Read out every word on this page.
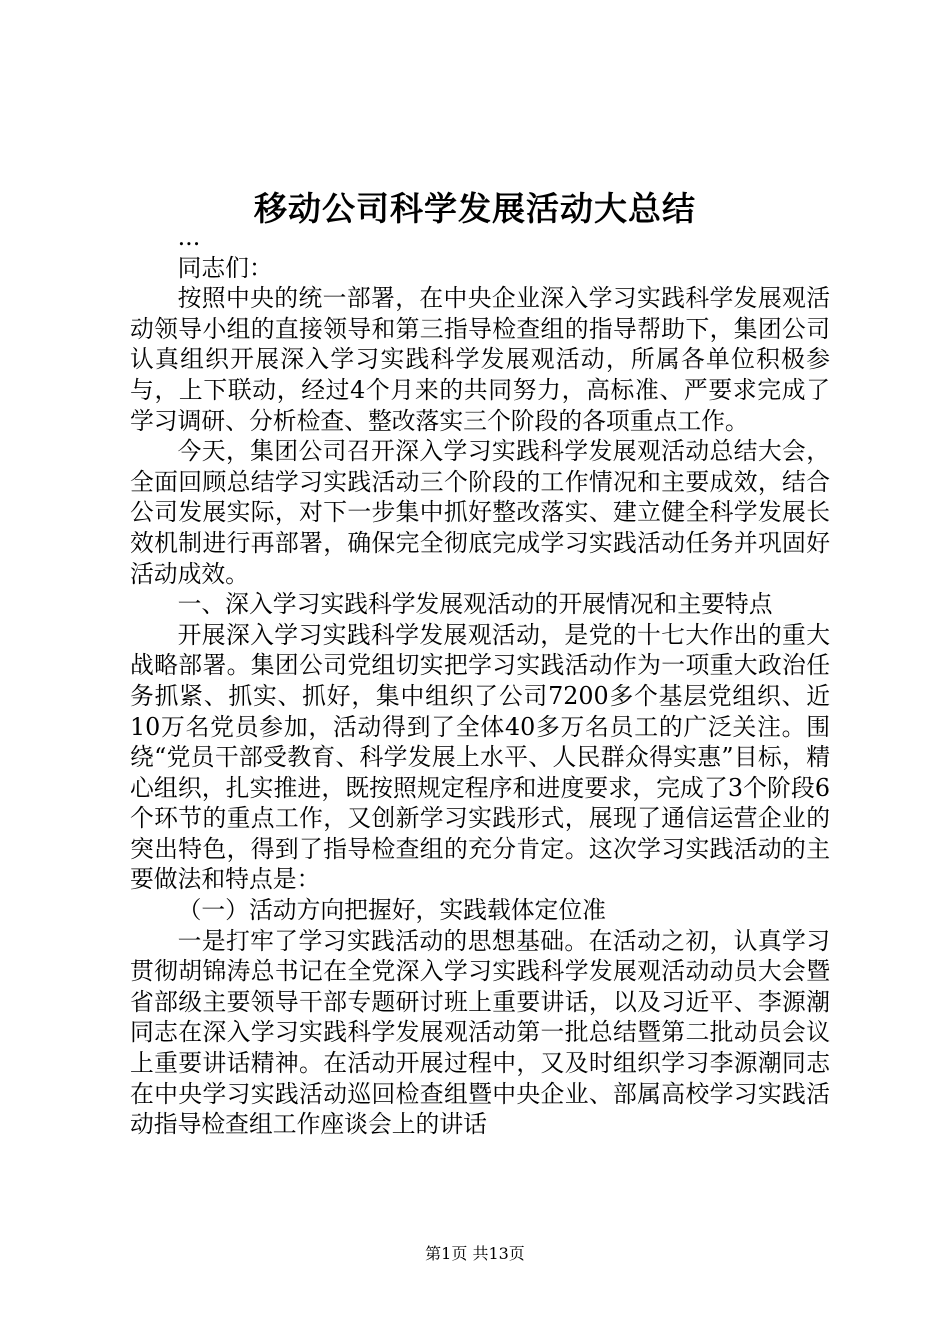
移动公司科学发展活动大总结

...

同志们：

按照中央的统一部署，在中央企业深入学习实践科学发展观活动领导小组的直接领导和第三指导检查组的指导帮助下，集团公司认真组织开展深入学习实践科学发展观活动，所属各单位积极参与，上下联动，经过4个月来的共同努力，高标准、严要求完成了学习调研、分析检查、整改落实三个阶段的各项重点工作。

今天，集团公司召开深入学习实践科学发展观活动总结大会，全面回顾总结学习实践活动三个阶段的工作情况和主要成效，结合公司发展实际，对下一步集中抓好整改落实、建立健全科学发展长效机制进行再部署，确保完全彻底完成学习实践活动任务并巩固好活动成效。

一、深入学习实践科学发展观活动的开展情况和主要特点

开展深入学习实践科学发展观活动，是党的十七大作出的重大战略部署。集团公司党组切实把学习实践活动作为一项重大政治任务抓紧、抓实、抓好，集中组织了公司7200多个基层党组织、近10万名党员参加，活动得到了全体40多万名员工的广泛关注。围绕“党员干部受教育、科学发展上水平、人民群众得实惠”目标，精心组织，扎实推进，既按照规定程序和进度要求，完成了3个阶段6个环节的重点工作，又创新学习实践形式，展现了通信运营企业的突出特色，得到了指导检查组的充分肯定。这次学习实践活动的主要做法和特点是：

（一）活动方向把握好，实践载体定位准

一是打牢了学习实践活动的思想基础。在活动之初，认真学习贯彻胡锦涛总书记在全党深入学习实践科学发展观活动动员大会暨省部级主要领导干部专题研讨班上重要讲话，以及习近平、李源潮同志在深入学习实践科学发展观活动第一批总结暨第二批动员会议上重要讲话精神。在活动开展过程中，又及时组织学习李源潮同志在中央学习实践活动巡回检查组暨中央企业、部属高校学习实践活动指导检查组工作座谈会上的讲话

第1页 共13页
